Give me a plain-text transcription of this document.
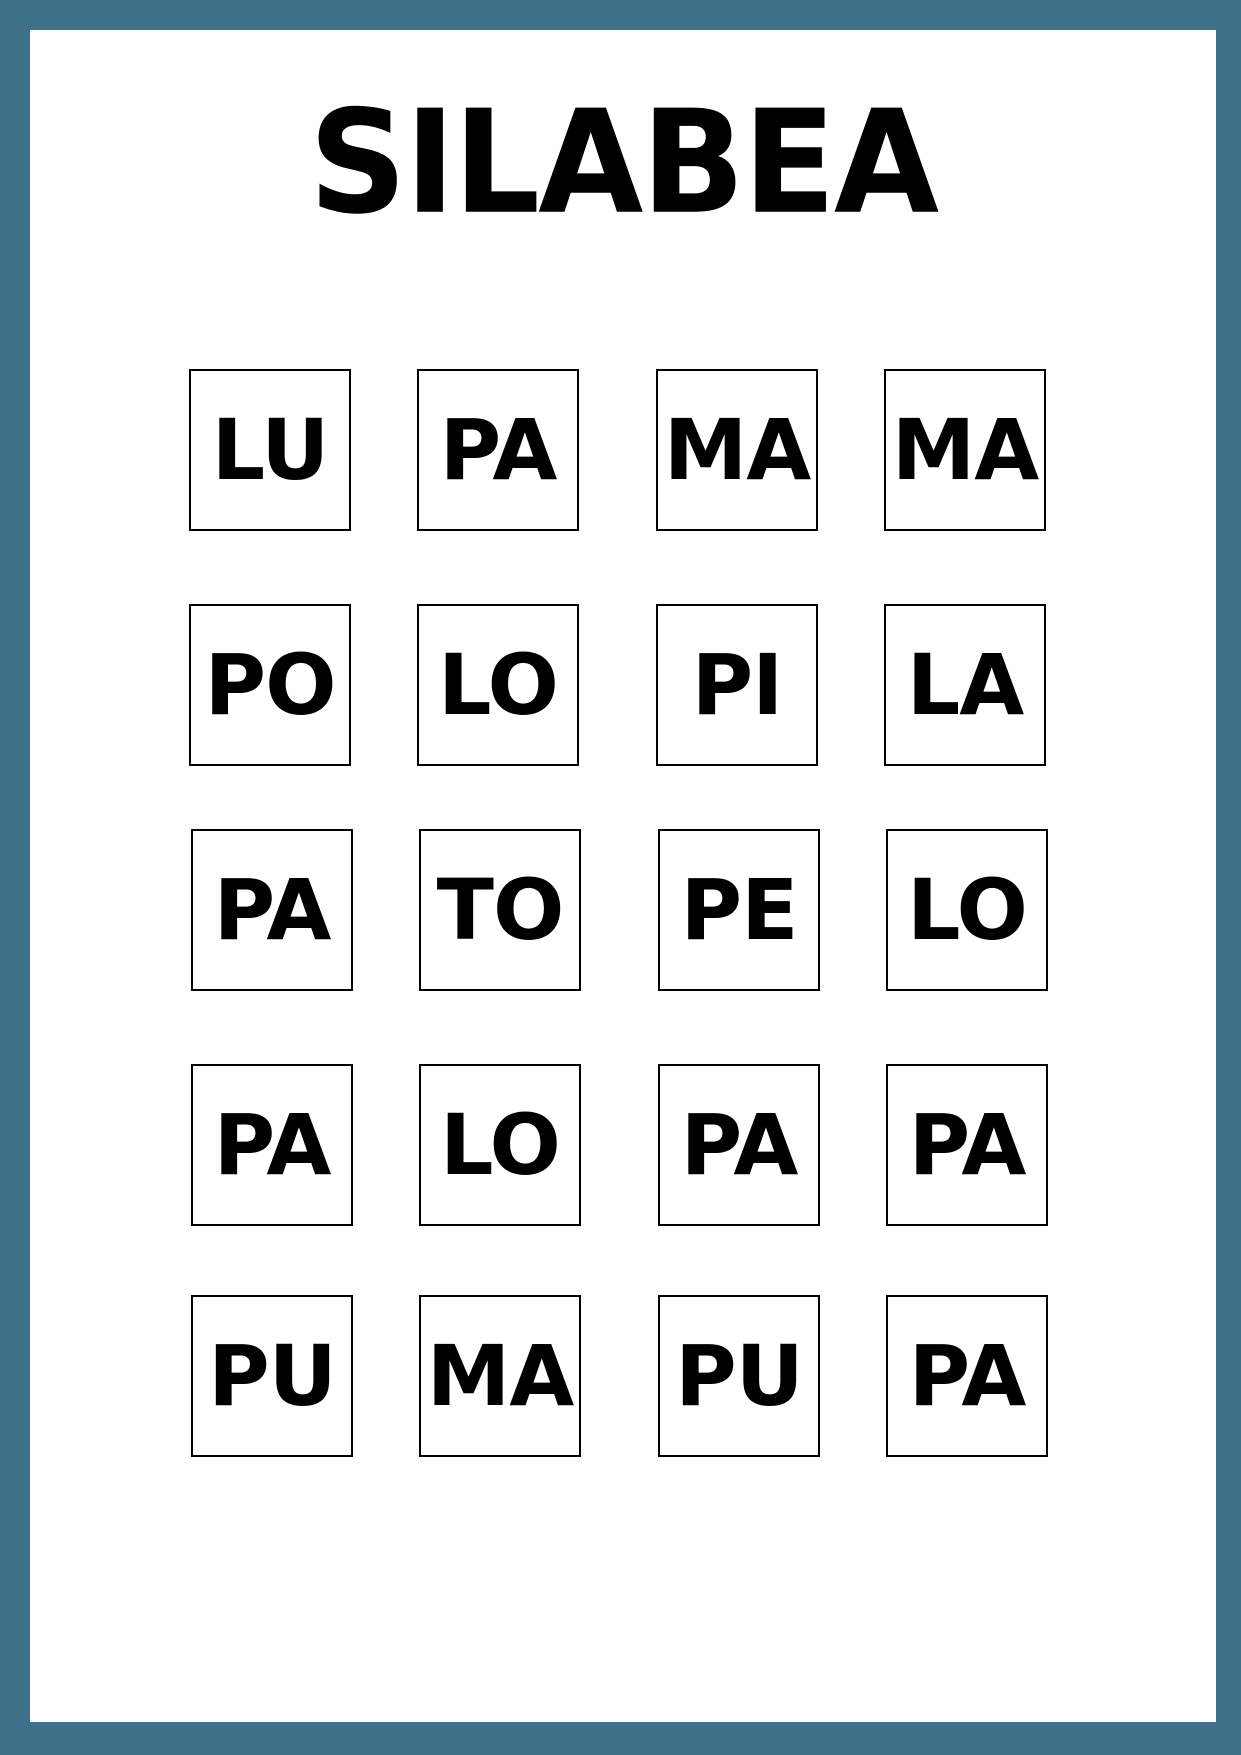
SILABEA
LU PA MA MA
PO LO PI LA
PA TO PE LO
PA LO PA PA
PU MA PU PA
